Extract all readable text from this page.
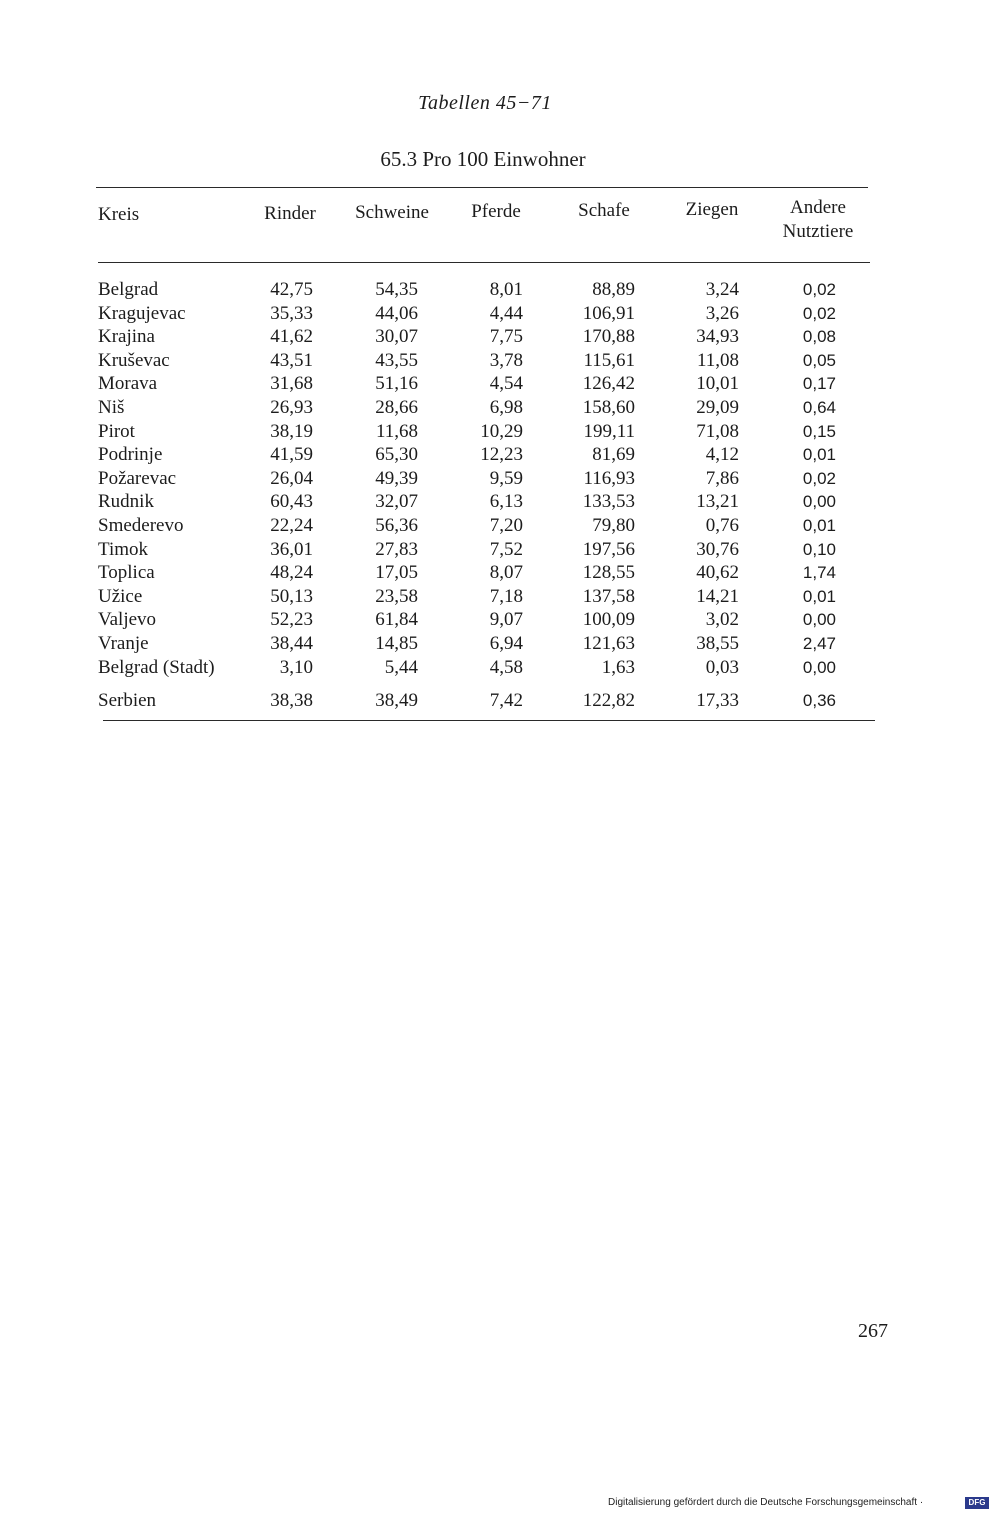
Tabellen 45−71
65.3 Pro 100 Einwohner
Kreis	Rinder	Schweine	Pferde	Schafe	Ziegen	Andere
Nutztiere
Belgrad	42,75	54,35	8,01	88,89	3,24	0,02
Kragujevac	35,33	44,06	4,44	106,91	3,26	0,02
Krajina	41,62	30,07	7,75	170,88	34,93	0,08
Kruševac	43,51	43,55	3,78	115,61	11,08	0,05
Morava	31,68	51,16	4,54	126,42	10,01	0,17
Niš	26,93	28,66	6,98	158,60	29,09	0,64
Pirot	38,19	11,68	10,29	199,11	71,08	0,15
Podrinje	41,59	65,30	12,23	81,69	4,12	0,01
Požarevac	26,04	49,39	9,59	116,93	7,86	0,02
Rudnik	60,43	32,07	6,13	133,53	13,21	0,00
Smederevo	22,24	56,36	7,20	79,80	0,76	0,01
Timok	36,01	27,83	7,52	197,56	30,76	0,10
Toplica	48,24	17,05	8,07	128,55	40,62	1,74
Užice	50,13	23,58	7,18	137,58	14,21	0,01
Valjevo	52,23	61,84	9,07	100,09	3,02	0,00
Vranje	38,44	14,85	6,94	121,63	38,55	2,47
Belgrad (Stadt)	3,10	5,44	4,58	1,63	0,03	0,00
Serbien	38,38	38,49	7,42	122,82	17,33	0,36
267
Digitalisierung gefördert durch die Deutsche Forschungsgemeinschaft ·	DFG
